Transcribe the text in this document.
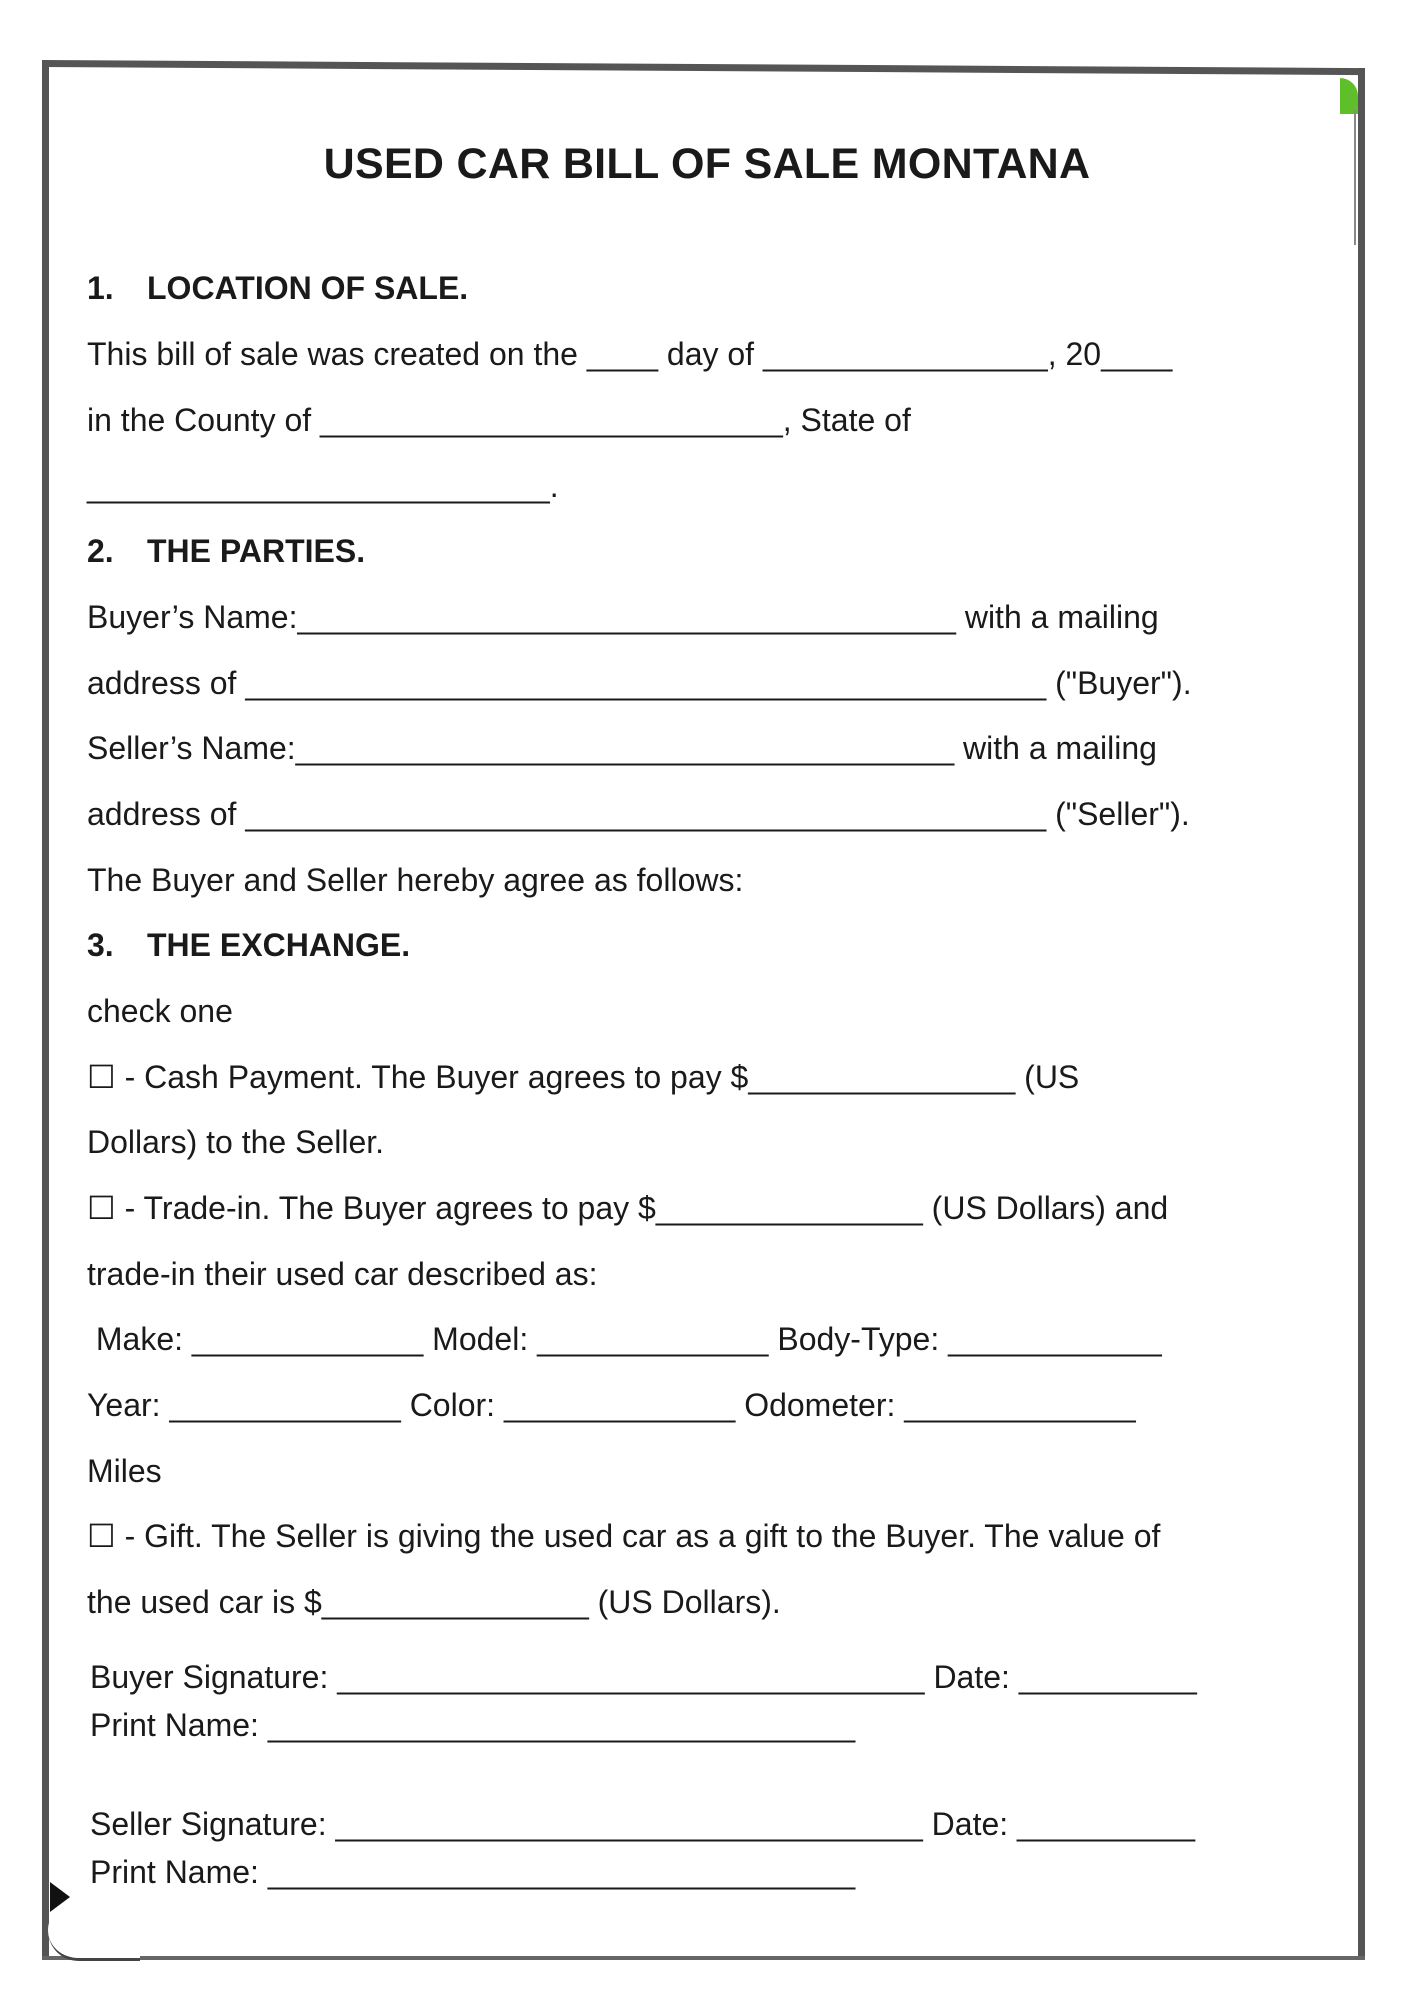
USED CAR BILL OF SALE MONTANA
1. LOCATION OF SALE.
This bill of sale was created on the ____ day of ________________, 20____
in the County of __________________________, State of
__________________________.
2. THE PARTIES.
Buyer’s Name:_____________________________________ with a mailing
address of _____________________________________________ ("Buyer").
Seller’s Name:_____________________________________ with a mailing
address of _____________________________________________ ("Seller").
The Buyer and Seller hereby agree as follows:
3. THE EXCHANGE.
check one
☐ - Cash Payment. The Buyer agrees to pay $_______________ (US
Dollars) to the Seller.
☐ - Trade-in. The Buyer agrees to pay $_______________ (US Dollars) and
trade-in their used car described as:
Make: _____________ Model: _____________ Body-Type: ____________
Year: _____________ Color: _____________ Odometer: _____________
Miles
☐ - Gift. The Seller is giving the used car as a gift to the Buyer. The value of
the used car is $_______________ (US Dollars).
Buyer Signature: _________________________________ Date: __________
Print Name: _________________________________
Seller Signature: _________________________________ Date: __________
Print Name: _________________________________
